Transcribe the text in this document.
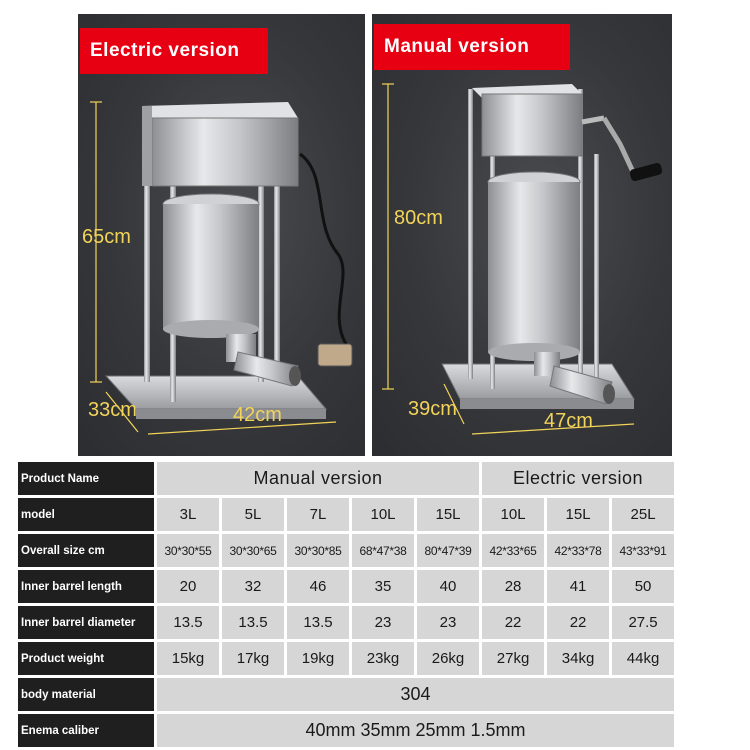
Electric version
65cm
33cm	42cm
Manual version
80cm
39cm
47cm
Product Name	Manual version					Electric version		
model	3L	5L	7L	10L	15L	10L	15L	25L
Overall size cm	30*30*55	30*30*65	30*30*85	68*47*38	80*47*39	42*33*65	42*33*78	43*33*91
Inner barrel length	20	32	46	35	40	28	41	50
Inner barrel diameter	13.5	13.5	13.5	23	23	22	22	27.5
Product weight	15kg	17kg	19kg	23kg	26kg	27kg	34kg	44kg
body material	304							
Enema caliber	40mm 35mm 25mm 1.5mm							
